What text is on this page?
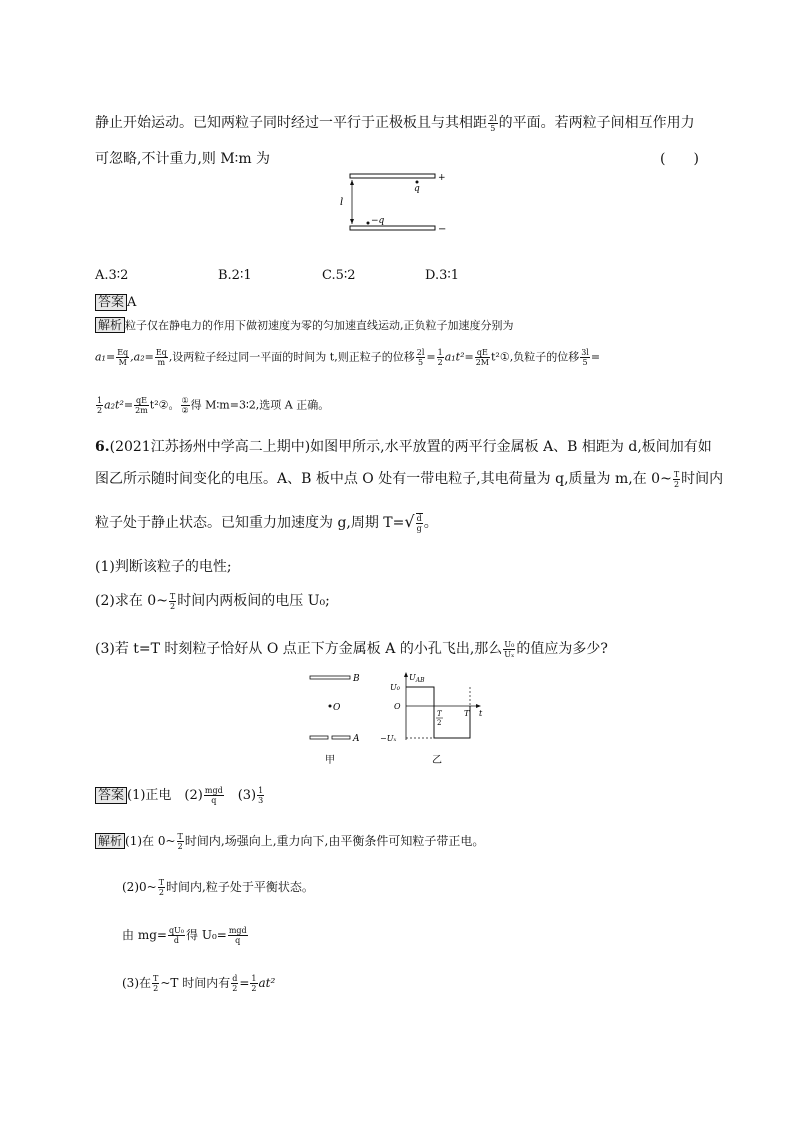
静止开始运动。已知两粒子同时经过一平行于正极板且与其相距 $\frac{2l}{5}$ 的平面。若两粒子间相互作用力
可忽略,不计重力,则 M∶m 为	(　　)
+
q
l
−q
−
A.3∶2	B.2∶1	C.5∶2	D.3∶1
答案 A
解析 粒子仅在静电力的作用下做初速度为零的匀加速直线运动,正负粒子加速度分别为
$a_1= \frac{Eq}{M} ,a_2= \frac{Eq}{m}$ ,设两粒子经过同一平面的时间为 t,则正粒子的位移 $\frac{2l}{5} = \frac{1}{2} a_1t^2= \frac{qE}{2M}$ t²①,负粒子的位移 $\frac{3l}{5}$ =
$\frac{1}{2} a_2t^2= \frac{qE}{2m}$ t²②。 $\frac{\text{①}}{\text{②}}$ 得 M∶m=3∶2,选项 A 正确。
6.(2021江苏扬州中学高二上期中)如图甲所示,水平放置的两平行金属板 A、B 相距为 d,板间加有如
图乙所示随时间变化的电压。A、B 板中点 O 处有一带电粒子,其电荷量为 q,质量为 m,在 0~ $\frac{T}{2}$ 时间内
粒子处于静止状态。已知重力加速度为 g,周期 $T=√ \frac{d}{g}$ 。
(1)判断该粒子的电性;
(2)求在 0~ $\frac{T}{2}$ 时间内两板间的电压 U₀;
(3)若 t=T 时刻粒子恰好从 O 点正下方金属板 A 的小孔飞出,那么 $\frac{\text{U₀}}{\text{Uₓ}}$ 的值应为多少?
B
O
A
甲
$U_{AB}$
t
O
U₀
−Uₓ
T
2
T
乙
答案 (1)正电　$(2) \frac{\text{mgd}}{q}$ 　$(3) \frac{1}{3}$
解析 (1)在 0~ $\frac{T}{2}$ 时间内,场强向上,重力向下,由平衡条件可知粒子带正电。
(2)0~ $\frac{T}{2}$ 时间内,粒子处于平衡状态。
由 $mg= \frac{\text{qU₀}}{d}$ 得 $U_0= \frac{\text{mgd}}{q}$
(3)在 $\frac{T}{2}$ ~T 时间内有 $\frac{d}{2} = \frac{1}{2} at^2$
